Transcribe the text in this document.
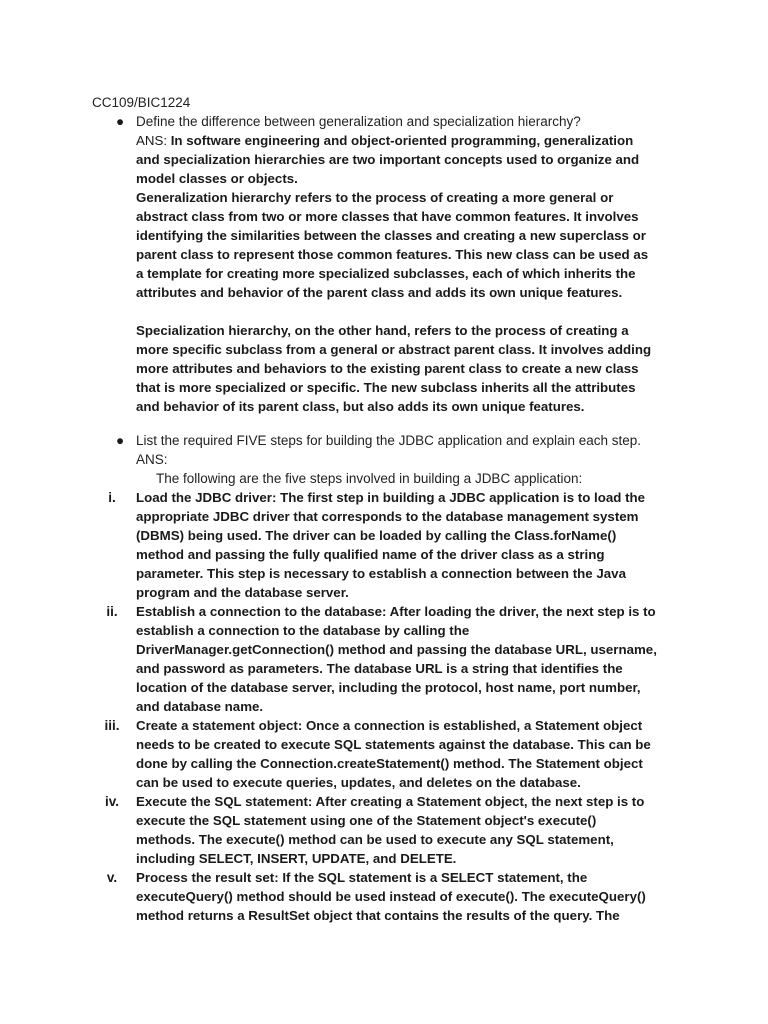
CC109/BIC1224
● Define the difference between generalization and specialization hierarchy?
ANS: In software engineering and object-oriented programming, generalization
and specialization hierarchies are two important concepts used to organize and
model classes or objects.
Generalization hierarchy refers to the process of creating a more general or
abstract class from two or more classes that have common features. It involves
identifying the similarities between the classes and creating a new superclass or
parent class to represent those common features. This new class can be used as
a template for creating more specialized subclasses, each of which inherits the
attributes and behavior of the parent class and adds its own unique features.
Specialization hierarchy, on the other hand, refers to the process of creating a
more specific subclass from a general or abstract parent class. It involves adding
more attributes and behaviors to the existing parent class to create a new class
that is more specialized or specific. The new subclass inherits all the attributes
and behavior of its parent class, but also adds its own unique features.
● List the required FIVE steps for building the JDBC application and explain each step.
ANS:
The following are the five steps involved in building a JDBC application:
i.	Load the JDBC driver: The first step in building a JDBC application is to load the
appropriate JDBC driver that corresponds to the database management system
(DBMS) being used. The driver can be loaded by calling the Class.forName()
method and passing the fully qualified name of the driver class as a string
parameter. This step is necessary to establish a connection between the Java
program and the database server.
ii.	Establish a connection to the database: After loading the driver, the next step is to
establish a connection to the database by calling the
DriverManager.getConnection() method and passing the database URL, username,
and password as parameters. The database URL is a string that identifies the
location of the database server, including the protocol, host name, port number,
and database name.
iii.	Create a statement object: Once a connection is established, a Statement object
needs to be created to execute SQL statements against the database. This can be
done by calling the Connection.createStatement() method. The Statement object
can be used to execute queries, updates, and deletes on the database.
iv.	Execute the SQL statement: After creating a Statement object, the next step is to
execute the SQL statement using one of the Statement object's execute()
methods. The execute() method can be used to execute any SQL statement,
including SELECT, INSERT, UPDATE, and DELETE.
v.	Process the result set: If the SQL statement is a SELECT statement, the
executeQuery() method should be used instead of execute(). The executeQuery()
method returns a ResultSet object that contains the results of the query. The
